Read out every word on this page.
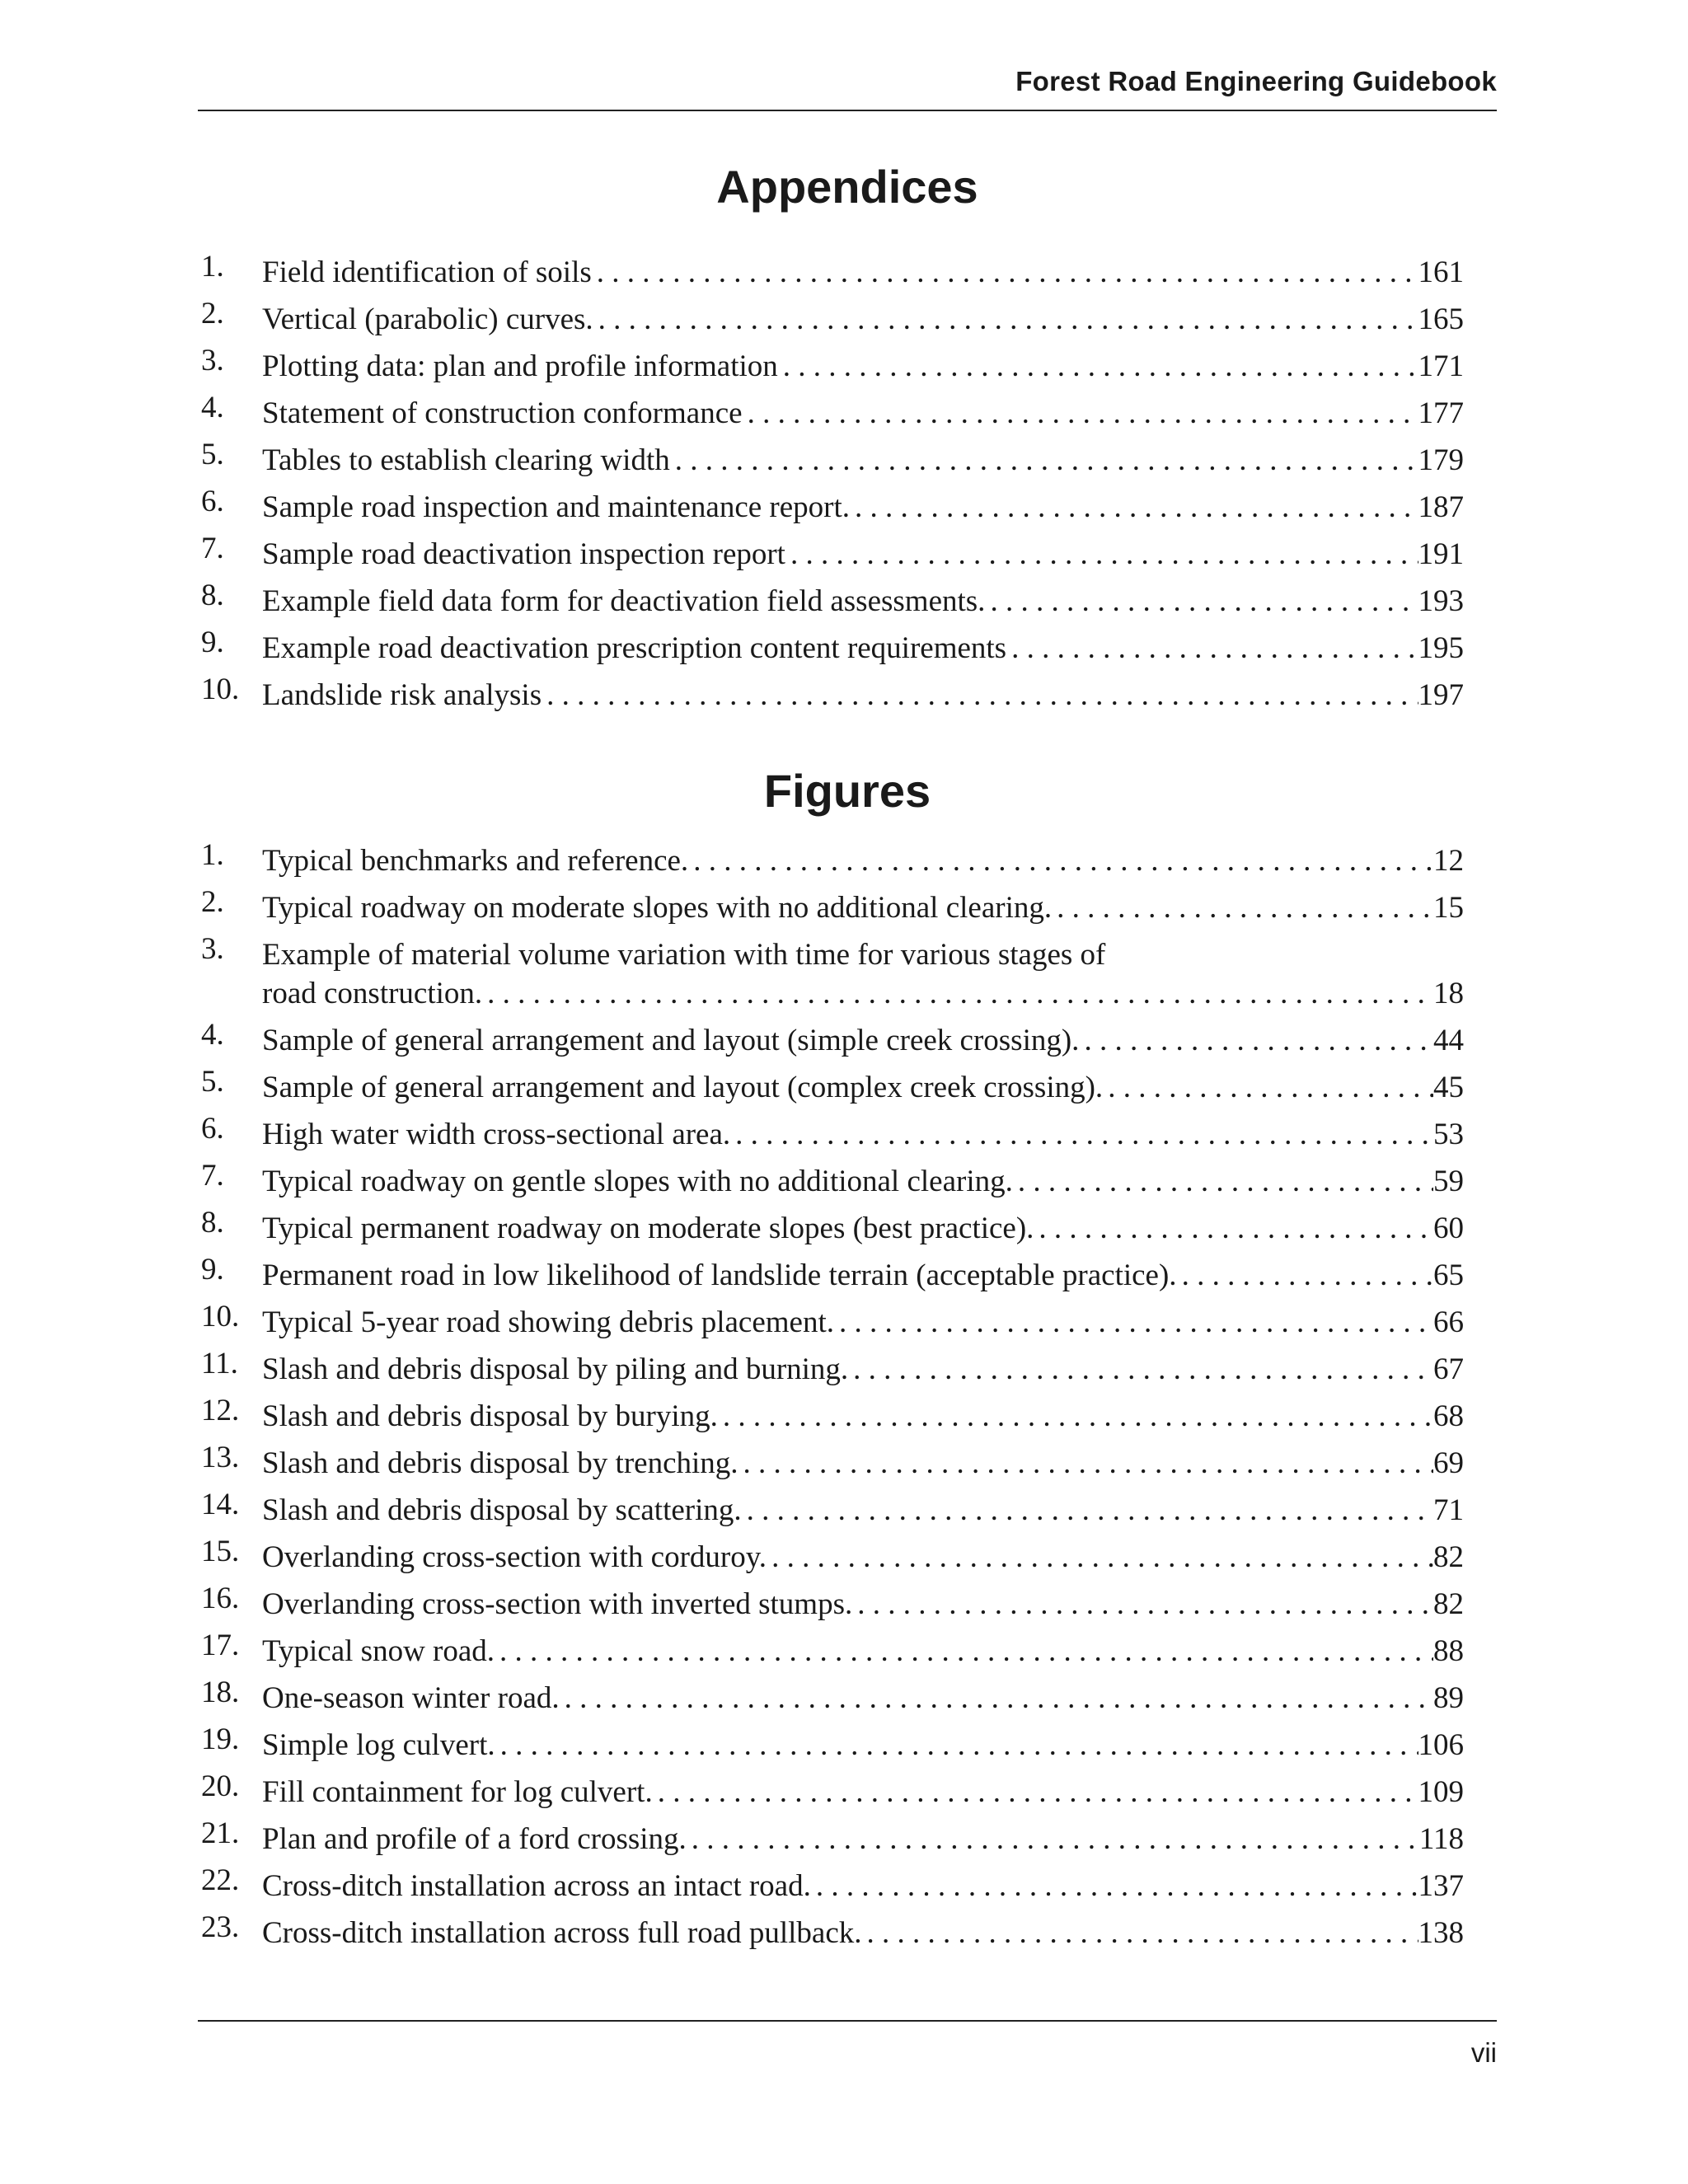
Forest Road Engineering Guidebook
Appendices
1. Field identification of soils . . .	161
2. Vertical (parabolic) curves. . . .	165
3. Plotting data: plan and profile information . . .	171
4. Statement of construction conformance . . .	177
5. Tables to establish clearing width . . .	179
6. Sample road inspection and maintenance report. . . .	187
7. Sample road deactivation inspection report . . .	191
8. Example field data form for deactivation field assessments. . . .	193
9. Example road deactivation prescription content requirements . . .	195
10. Landslide risk analysis . . .	197
Figures
1. Typical benchmarks and reference. . . .	12
2. Typical roadway on moderate slopes with no additional clearing. . . .	15
3. Example of material volume variation with time for various stages of
road construction. . . .	18
4. Sample of general arrangement and layout (simple creek crossing). . . .	44
5. Sample of general arrangement and layout (complex creek crossing). . . .	45
6. High water width cross-sectional area. . . .	53
7. Typical roadway on gentle slopes with no additional clearing. . . .	59
8. Typical permanent roadway on moderate slopes (best practice). . . .	60
9. Permanent road in low likelihood of landslide terrain (acceptable practice). . . .	65
10. Typical 5-year road showing debris placement. . . .	66
11. Slash and debris disposal by piling and burning. . . .	67
12. Slash and debris disposal by burying. . . .	68
13. Slash and debris disposal by trenching. . . .	69
14. Slash and debris disposal by scattering. . . .	71
15. Overlanding cross-section with corduroy. . . .	82
16. Overlanding cross-section with inverted stumps. . . .	82
17. Typical snow road. . . .	88
18. One-season winter road. . . .	89
19. Simple log culvert. . . .	106
20. Fill containment for log culvert. . . .	109
21. Plan and profile of a ford crossing. . . .	118
22. Cross-ditch installation across an intact road. . . .	137
23. Cross-ditch installation across full road pullback. . . .	138
vii
